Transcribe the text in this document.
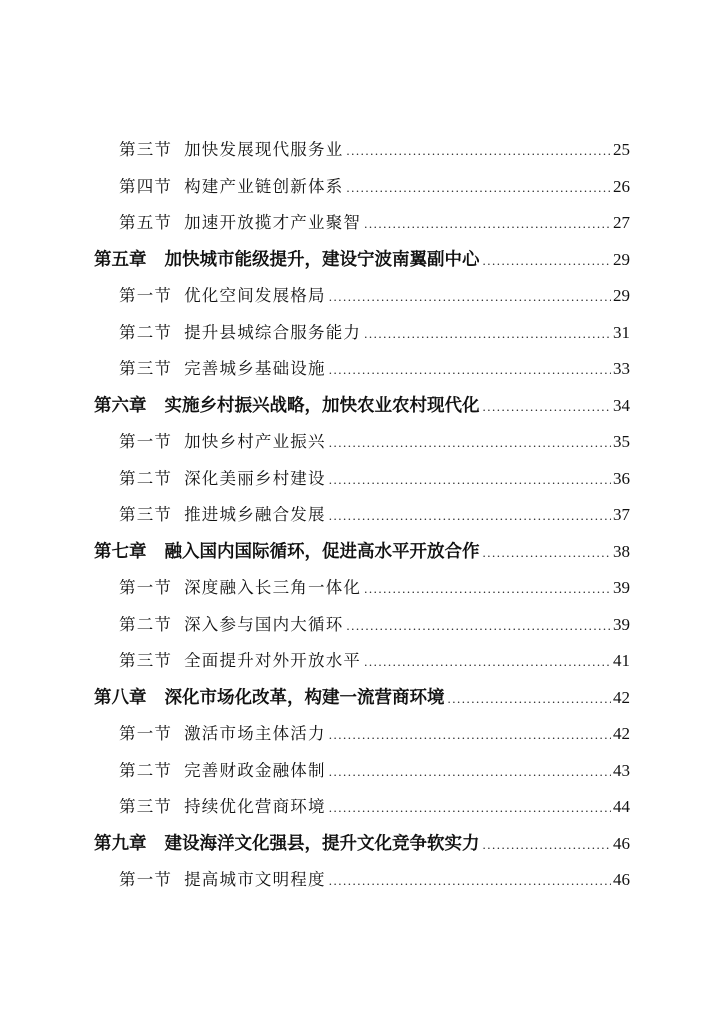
第三节 加快发展现代服务业 .....	25
第四节 构建产业链创新体系 .....	26
第五节 加速开放揽才产业聚智 .....	27
第五章 加快城市能级提升，建设宁波南翼副中心 .....	29
第一节 优化空间发展格局 .....	29
第二节 提升县城综合服务能力 .....	31
第三节 完善城乡基础设施 .....	33
第六章 实施乡村振兴战略，加快农业农村现代化 .....	34
第一节 加快乡村产业振兴 .....	35
第二节 深化美丽乡村建设 .....	36
第三节 推进城乡融合发展 .....	37
第七章 融入国内国际循环，促进高水平开放合作 .....	38
第一节 深度融入长三角一体化 .....	39
第二节 深入参与国内大循环 .....	39
第三节 全面提升对外开放水平 .....	41
第八章 深化市场化改革，构建一流营商环境 .....	42
第一节 激活市场主体活力 .....	42
第二节 完善财政金融体制 .....	43
第三节 持续优化营商环境 .....	44
第九章 建设海洋文化强县，提升文化竞争软实力 .....	46
第一节 提高城市文明程度 .....	46
